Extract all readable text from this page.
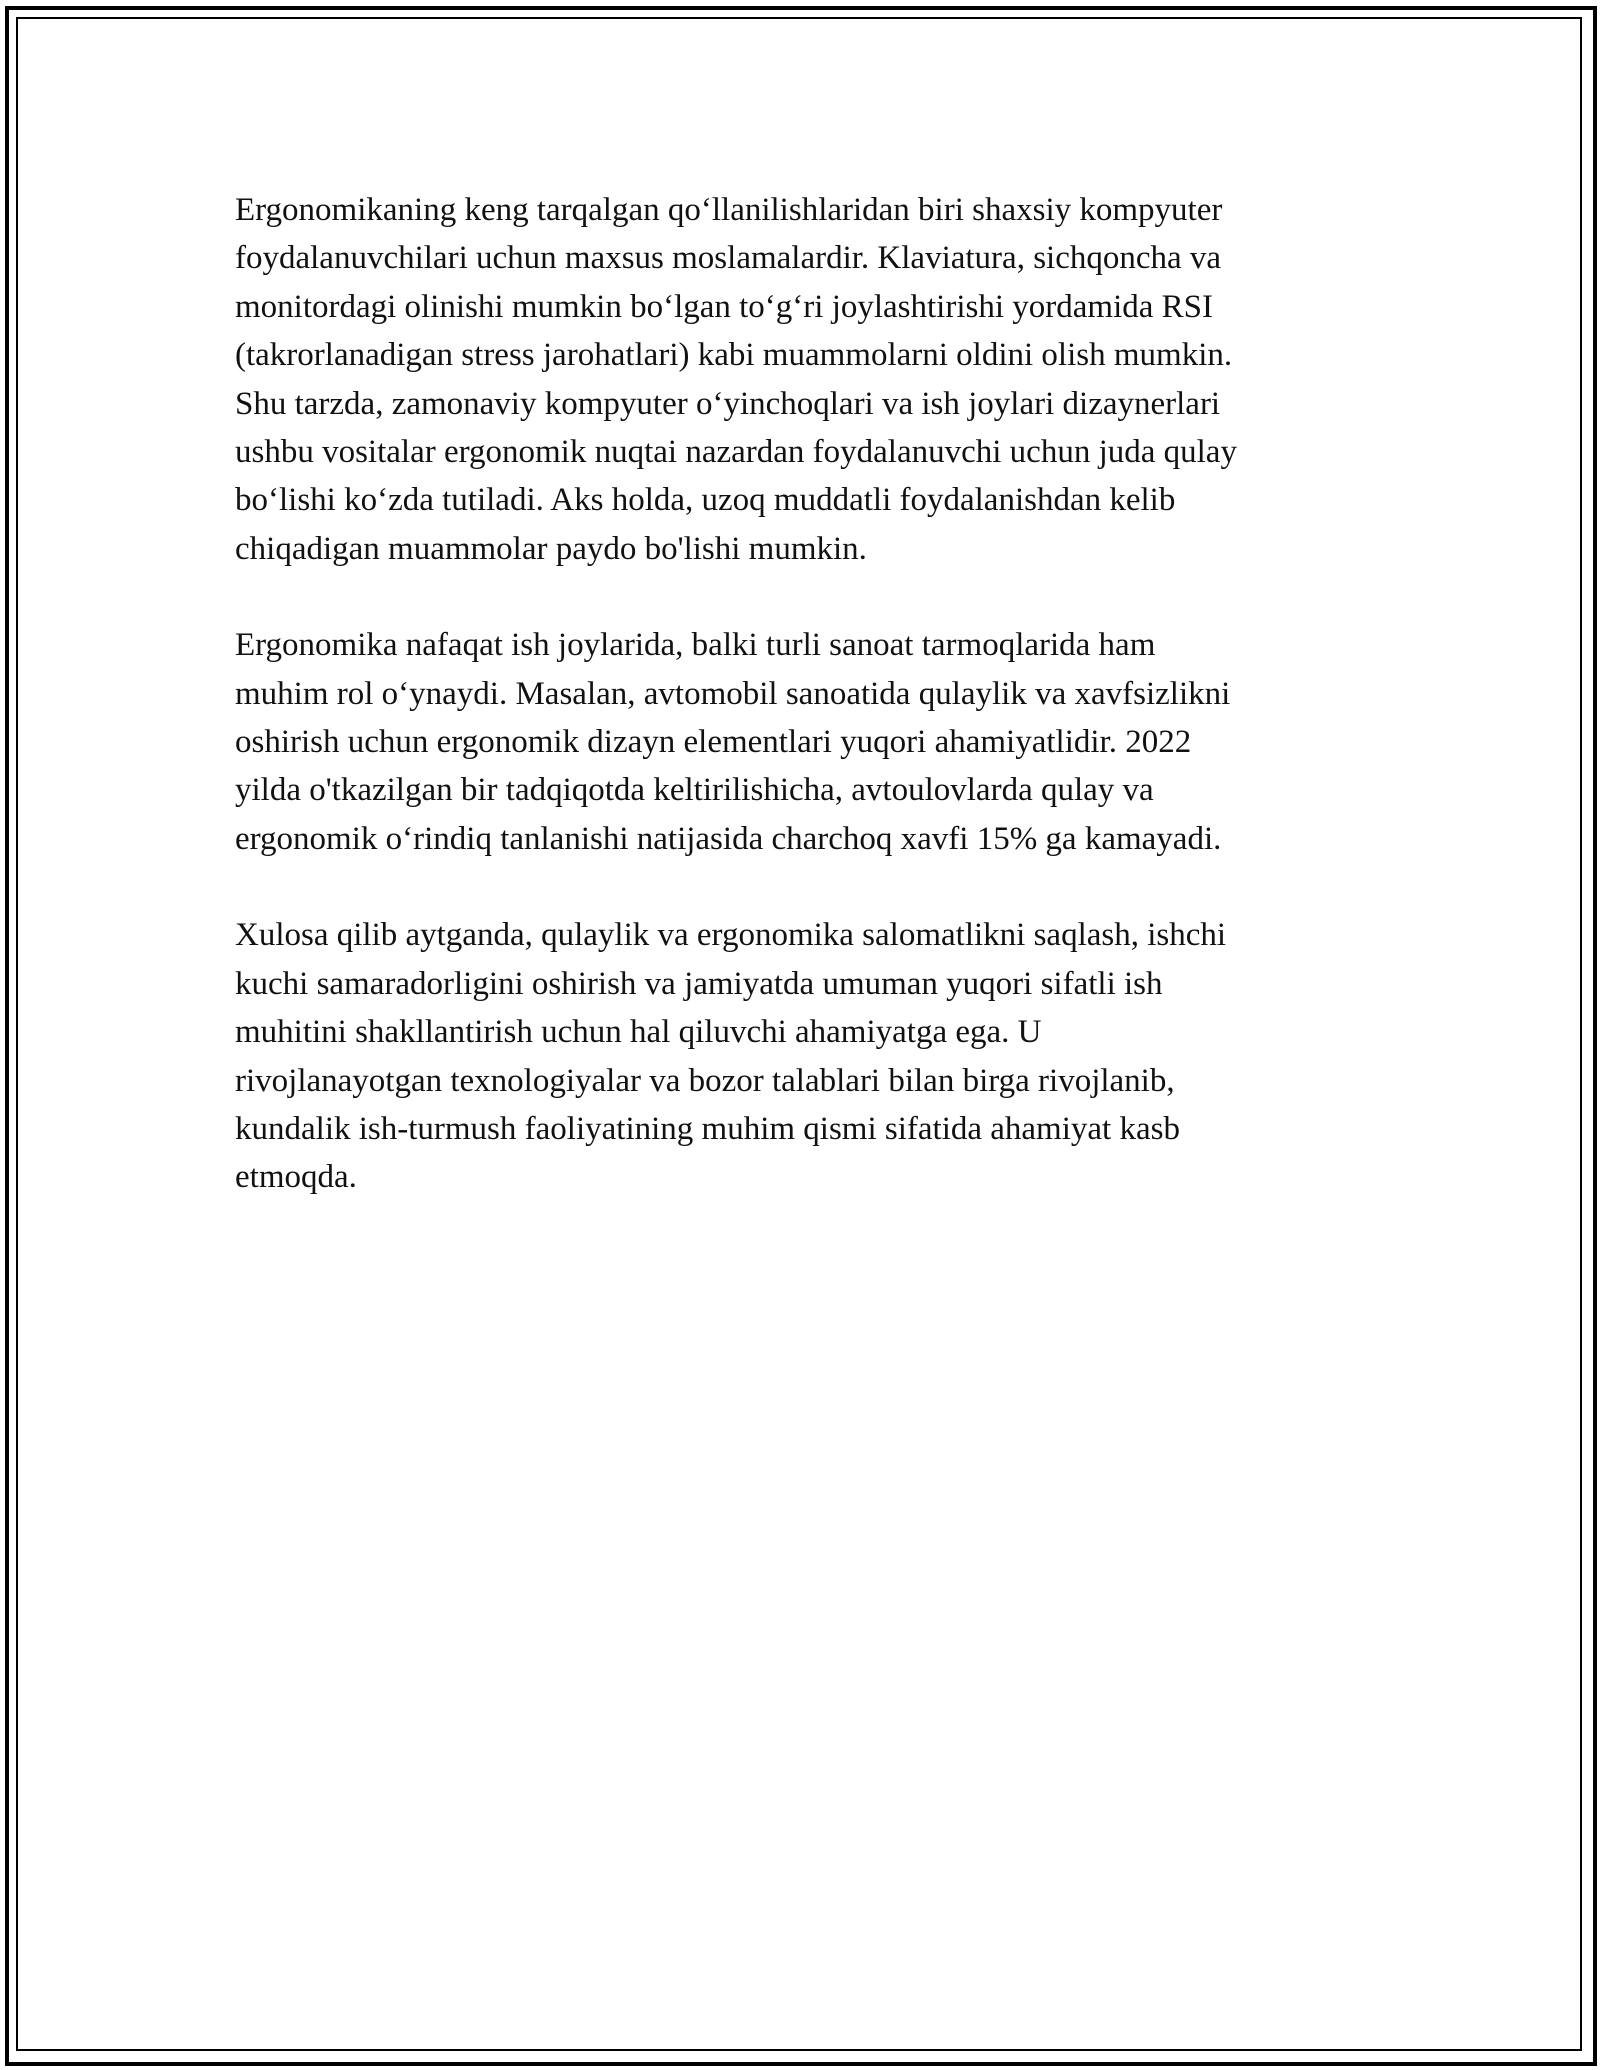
Ergonomikaning keng tarqalgan qo‘llanilishlaridan biri shaxsiy kompyuter
foydalanuvchilari uchun maxsus moslamalardir. Klaviatura, sichqoncha va
monitordagi olinishi mumkin bo‘lgan to‘g‘ri joylashtirishi yordamida RSI
(takrorlanadigan stress jarohatlari) kabi muammolarni oldini olish mumkin.
Shu tarzda, zamonaviy kompyuter o‘yinchoqlari va ish joylari dizaynerlari
ushbu vositalar ergonomik nuqtai nazardan foydalanuvchi uchun juda qulay
bo‘lishi ko‘zda tutiladi. Aks holda, uzoq muddatli foydalanishdan kelib
chiqadigan muammolar paydo bo'lishi mumkin.

Ergonomika nafaqat ish joylarida, balki turli sanoat tarmoqlarida ham
muhim rol o‘ynaydi. Masalan, avtomobil sanoatida qulaylik va xavfsizlikni
oshirish uchun ergonomik dizayn elementlari yuqori ahamiyatlidir. 2022
yilda o'tkazilgan bir tadqiqotda keltirilishicha, avtoulovlarda qulay va
ergonomik o‘rindiq tanlanishi natijasida charchoq xavfi 15% ga kamayadi.

Xulosa qilib aytganda, qulaylik va ergonomika salomatlikni saqlash, ishchi
kuchi samaradorligini oshirish va jamiyatda umuman yuqori sifatli ish
muhitini shakllantirish uchun hal qiluvchi ahamiyatga ega. U
rivojlanayotgan texnologiyalar va bozor talablari bilan birga rivojlanib,
kundalik ish-turmush faoliyatining muhim qismi sifatida ahamiyat kasb
etmoqda.
